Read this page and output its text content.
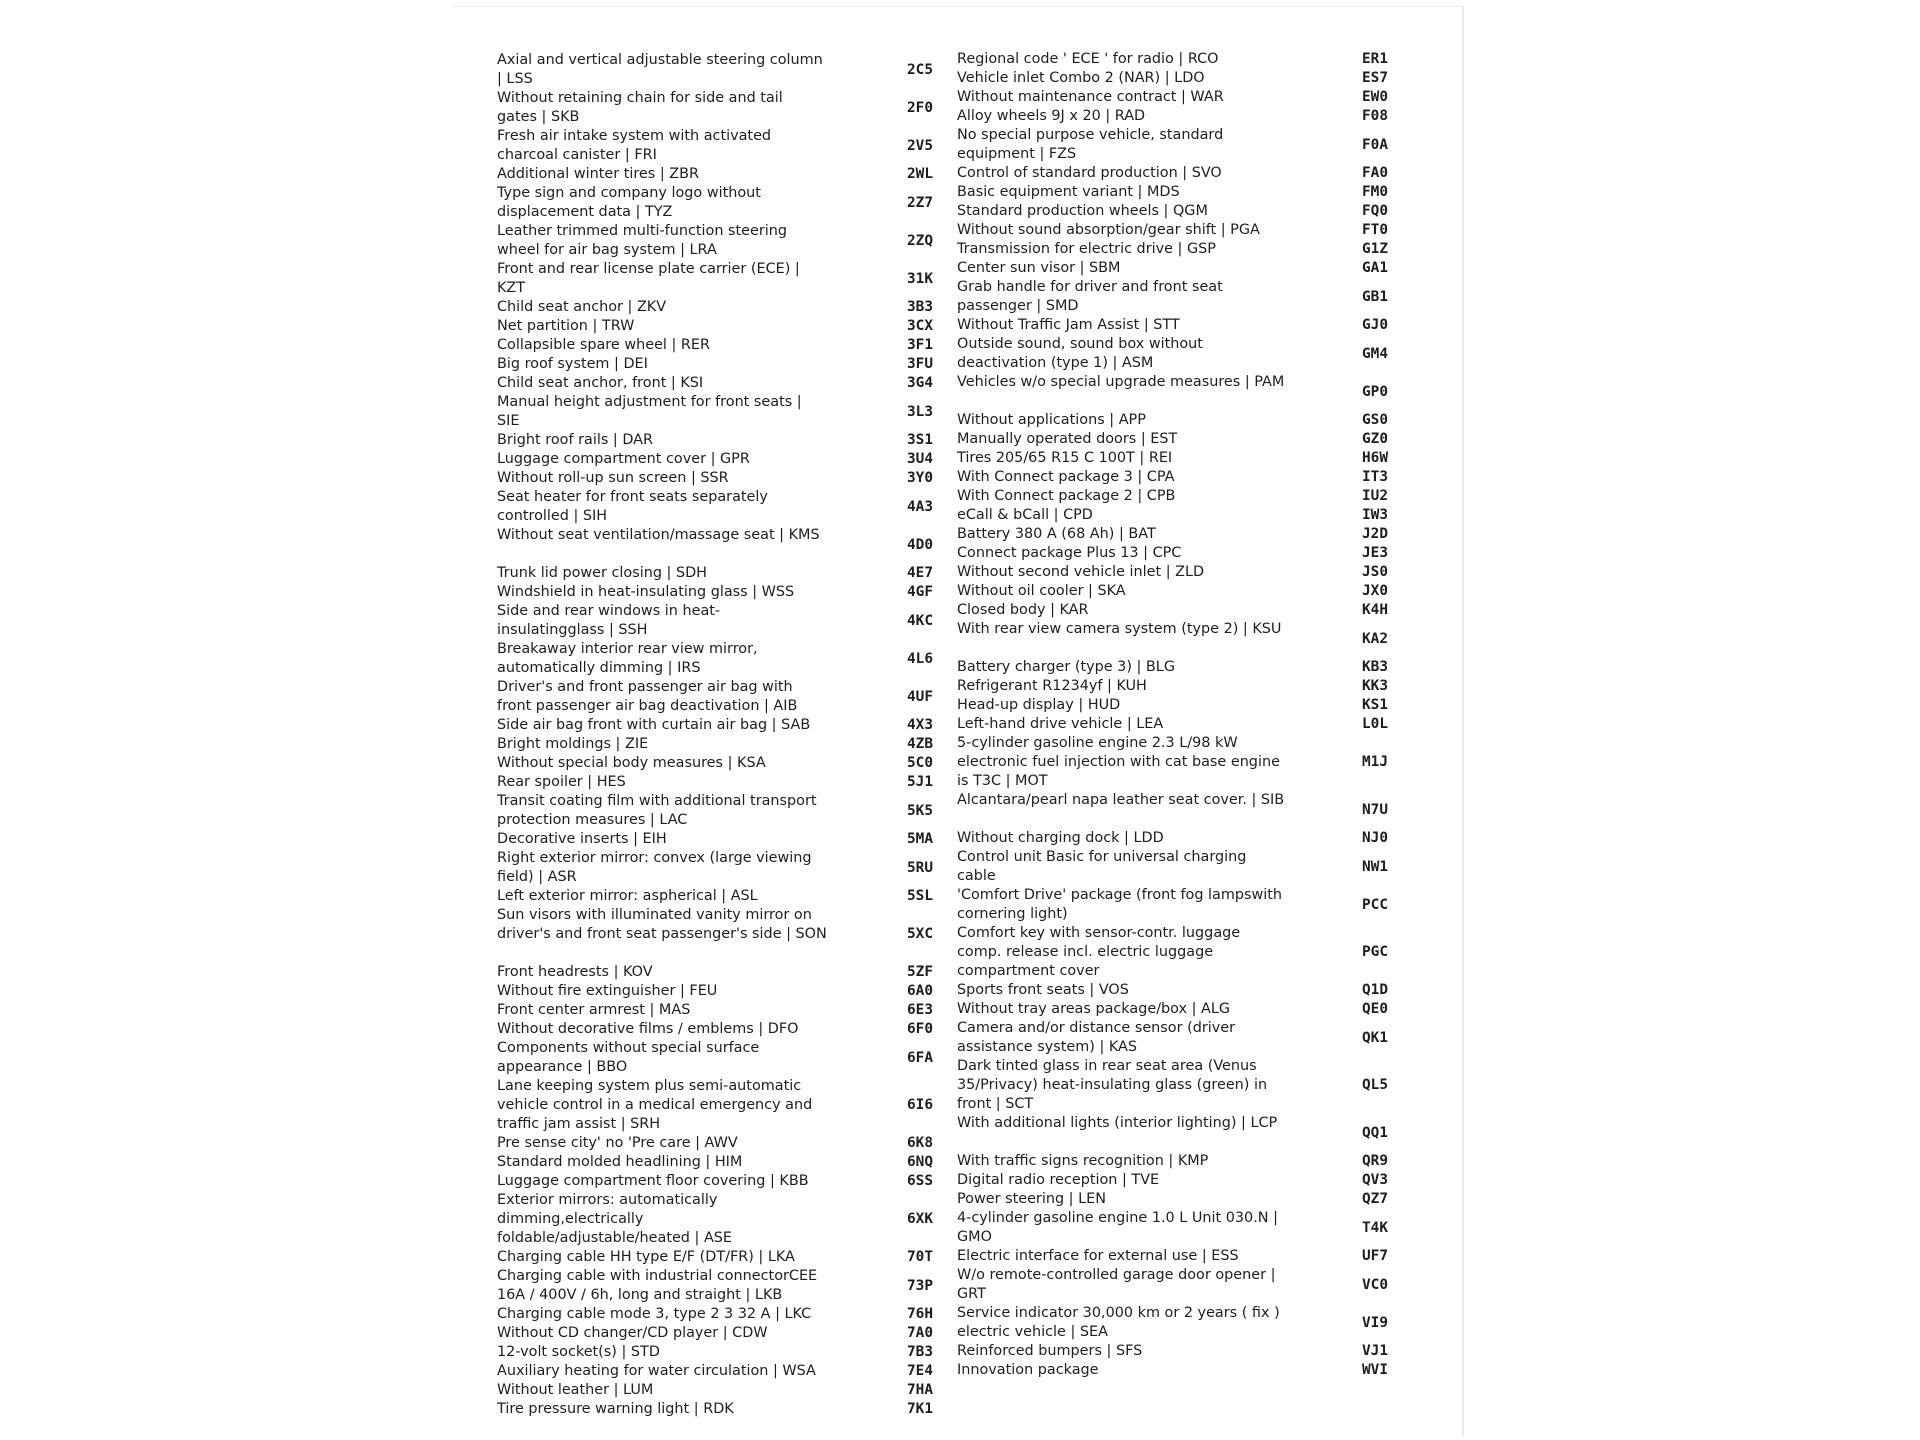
Axial and vertical adjustable steering column | LSS
2C5
Without retaining chain for side and tail gates | SKB
2F0
Fresh air intake system with activated charcoal canister | FRI
2V5
Additional winter tires | ZBR	2WL
Type sign and company logo without displacement data | TYZ
2Z7
Leather trimmed multi-function steering wheel for air bag system | LRA
2ZQ
Front and rear license plate carrier (ECE) | KZT
31K
Child seat anchor | ZKV	3B3
Net partition | TRW	3CX
Collapsible spare wheel | RER	3F1
Big roof system | DEI	3FU
Child seat anchor, front | KSI	3G4
Manual height adjustment for front seats | SIE
3L3
Bright roof rails | DAR	3S1
Luggage compartment cover | GPR	3U4
Without roll-up sun screen | SSR	3Y0
Seat heater for front seats separately controlled | SIH
4A3
Without seat ventilation/massage seat | KMS
4D0
Trunk lid power closing | SDH	4E7
Windshield in heat-insulating glass | WSS	4GF
Side and rear windows in heat-insulatingglass | SSH
4KC
Breakaway interior rear view mirror, automatically dimming | IRS
4L6
Driver's and front passenger air bag with front passenger air bag deactivation | AIB
4UF
Side air bag front with curtain air bag | SAB	4X3
Bright moldings | ZIE	4ZB
Without special body measures | KSA	5C0
Rear spoiler | HES	5J1
Transit coating film with additional transport protection measures | LAC
5K5
Decorative inserts | EIH	5MA
Right exterior mirror: convex (large viewing field) | ASR
5RU
Left exterior mirror: aspherical | ASL	5SL
Sun visors with illuminated vanity mirror on driver's and front seat passenger's side | SON	5XC
Front headrests | KOV	5ZF
Without fire extinguisher | FEU	6A0
Front center armrest | MAS	6E3
Without decorative films / emblems | DFO	6F0
Components without special surface appearance | BBO
6FA
Lane keeping system plus semi-automatic vehicle control in a medical emergency and traffic jam assist | SRH
6I6
Pre sense city' no 'Pre care | AWV	6K8
Standard molded headlining | HIM	6NQ
Luggage compartment floor covering | KBB	6SS
Exterior mirrors: automatically dimming,electrically foldable/adjustable/heated | ASE
6XK
Charging cable HH type E/F (DT/FR) | LKA	70T
Charging cable with industrial connectorCEE 16A / 400V / 6h, long and straight | LKB
73P
Charging cable mode 3, type 2 3 32 A | LKC	76H
Without CD changer/CD player | CDW	7A0
12-volt socket(s) | STD	7B3
Auxiliary heating for water circulation | WSA	7E4
Without leather | LUM	7HA
Tire pressure warning light | RDK	7K1
Regional code ' ECE ' for radio | RCO	ER1
Vehicle inlet Combo 2 (NAR) | LDO	ES7
Without maintenance contract | WAR	EW0
Alloy wheels 9J x 20 | RAD	F08
No special purpose vehicle, standard equipment | FZS
F0A
Control of standard production | SVO	FA0
Basic equipment variant | MDS	FM0
Standard production wheels | QGM	FQ0
Without sound absorption/gear shift | PGA	FT0
Transmission for electric drive | GSP	G1Z
Center sun visor | SBM	GA1
Grab handle for driver and front seat passenger | SMD
GB1
Without Traffic Jam Assist | STT	GJ0
Outside sound, sound box without deactivation (type 1) | ASM
GM4
Vehicles w/o special upgrade measures | PAM
GP0
Without applications | APP	GS0
Manually operated doors | EST	GZ0
Tires 205/65 R15 C 100T | REI	H6W
With Connect package 3 | CPA	IT3
With Connect package 2 | CPB	IU2
eCall & bCall | CPD	IW3
Battery 380 A (68 Ah) | BAT	J2D
Connect package Plus 13 | CPC	JE3
Without second vehicle inlet | ZLD	JS0
Without oil cooler | SKA	JX0
Closed body | KAR	K4H
With rear view camera system (type 2) | KSU
KA2
Battery charger (type 3) | BLG	KB3
Refrigerant R1234yf | KUH	KK3
Head-up display | HUD	KS1
Left-hand drive vehicle | LEA	L0L
5-cylinder gasoline engine 2.3 L/98 kW electronic fuel injection with cat base engine is T3C | MOT
M1J
Alcantara/pearl napa leather seat cover. | SIB
N7U
Without charging dock | LDD	NJ0
Control unit Basic for universal charging cable
NW1
'Comfort Drive' package (front fog lampswith cornering light)
PCC
Comfort key with sensor-contr. luggage comp. release incl. electric luggage compartment cover
PGC
Sports front seats | VOS	Q1D
Without tray areas package/box | ALG	QE0
Camera and/or distance sensor (driver assistance system) | KAS
QK1
Dark tinted glass in rear seat area (Venus 35/Privacy) heat-insulating glass (green) in front | SCT
QL5
With additional lights (interior lighting) | LCP
QQ1
With traffic signs recognition | KMP	QR9
Digital radio reception | TVE	QV3
Power steering | LEN	QZ7
4-cylinder gasoline engine 1.0 L Unit 030.N | GMO
T4K
Electric interface for external use | ESS	UF7
W/o remote-controlled garage door opener | GRT
VC0
Service indicator 30,000 km or 2 years ( fix ) electric vehicle | SEA
VI9
Reinforced bumpers | SFS	VJ1
Innovation package	WVI
